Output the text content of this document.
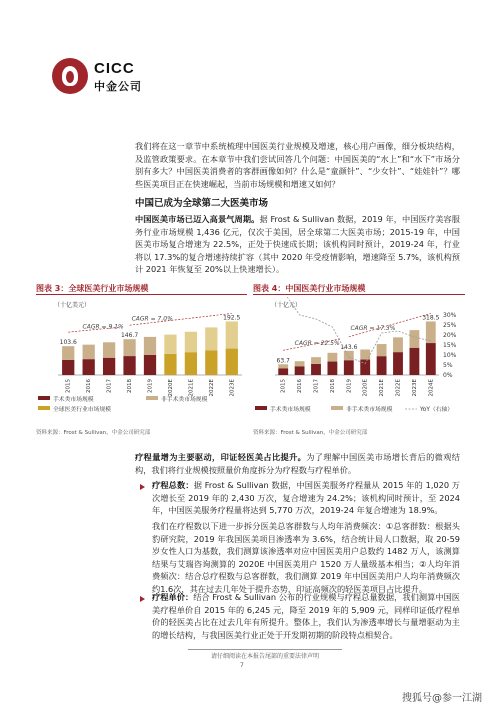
CICC
中金公司
我们将在这一章节中系统梳理中国医美行业规模及增速，核心用户画像，细分板块结构，及监管政策要求。在本章节中我们尝试回答几个问题：中国医美的“水上”和“水下”市场分别有多大？中国医美消费者的客群画像如何？什么是“童颜针”、“少女针”、“娃娃针”？哪些医美项目正在快速崛起，当前市场规模和增速又如何？
中国已成为全球第二大医美市场
中国医美市场已迈入高景气周期。据 Frost & Sullivan 数据，2019 年，中国医疗美容服务行业市场规模 1,436 亿元，仅次于美国，居全球第二大医美市场；2015-19 年，中国医美市场复合增速为 22.5%，正处于快速成长期；该机构同时预计，2019-24 年，行业将以 17.3%的复合增速持续扩容（其中 2020 年受疫情影响，增速降至 5.7%，该机构预计 2021 年恢复至 20%以上快速增长）。
图表 3：全球医美行业市场规模
（十亿美元）
103.6
2015	2016	2017
146.7
2018	2019	2020E	2021E	2022E
192.5
2023E
CAGR = 9.1%
CAGR = 7.0%
手术类市场规模	非手术类市场规模
全球医美行业市场规模
资料来源：Frost & Sullivan，中金公司研究部
图表 4：中国医美行业市场规模
（十亿元）
63.7
2015 2016 2017 2018
143.6
2019 2020E 2021E 2022E 2023E
318.5
2024E
0%
5%
10%
15%
20%
25%
30%
CAGR = 22.5%
CAGR = 17.3%
手术类市场规模	非手术类市场规模	YoY（右轴）
资料来源：Frost & Sullivan，中金公司研究部
疗程量增为主要驱动，印证轻医美占比提升。为了理解中国医美市场增长背后的微观结构，我们将行业规模按照量价角度拆分为疗程数与疗程单价。
疗程总数：据 Frost & Sullivan 数据，中国医美服务疗程量从 2015 年的 1,020 万次增长至 2019 年的 2,430 万次，复合增速为 24.2%；该机构同时预计，至 2024 年，中国医美服务疗程量将达到 5,770 万次，2019-24 年复合增速为 18.9%。
我们在疗程数以下进一步拆分医美总客群数与人均年消费频次：①总客群数：根据头豹研究院，2019 年我国医美项目渗透率为 3.6%，结合统计局人口数据，取 20-59 岁女性人口为基数，我们测算该渗透率对应中国医美用户总数约 1482 万人，该测算结果与艾瑞咨询测算的 2020E 中国医美用户 1520 万人量级基本相当；②人均年消费频次：结合总疗程数与总客群数，我们测算 2019 年中国医美用户人均年消费频次约1.6次，其在过去几年处于提升态势，印证高频次的轻医美项目占比提升。
疗程单价：结合 Frost & Sullivan 公布的行业规模与疗程总量数据，我们测算中国医美疗程单价自 2015 年的 6,245 元，降至 2019 年的 5,909 元，同样印证低疗程单价的轻医美占比在过去几年有所提升。整体上，我们认为渗透率增长与量增驱动为主的增长结构，与我国医美行业正处于开发期初期的阶段特点相契合。
请仔细阅读在本报告尾部的重要法律声明
7
搜狐号@参一江湖
